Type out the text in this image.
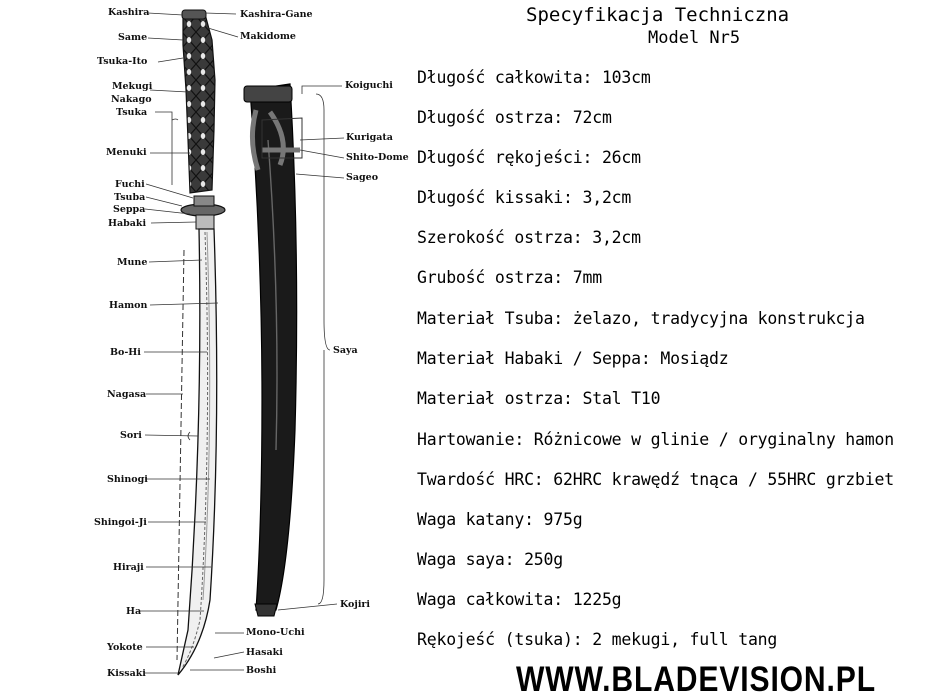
Kashira
Same
Tsuka-Ito
Mekugi
Nakago
Tsuka
Menuki
Fuchi
Tsuba
Seppa
Habaki
Mune
Hamon
Bo-Hi
Nagasa
Sori
Shinogi
Shingoi-Ji
Hiraji
Ha
Yokote
Kissaki
Kashira-Gane
Makidome
Mono-Uchi
Hasaki
Boshi
Koiguchi
Kurigata
Shito-Dome
Sageo
Saya
Kojiri
Specyfikacja Techniczna
Model Nr5
Długość całkowita: 103cm
Długość ostrza: 72cm
Długość rękojeści: 26cm
Długość kissaki: 3,2cm
Szerokość ostrza: 3,2cm
Grubość ostrza: 7mm
Materiał Tsuba: żelazo, tradycyjna konstrukcja
Materiał Habaki / Seppa: Mosiądz
Materiał ostrza: Stal T10
Hartowanie: Różnicowe w glinie / oryginalny hamon
Twardość HRC: 62HRC krawędź tnąca / 55HRC grzbiet
Waga katany: 975g
Waga saya: 250g
Waga całkowita: 1225g
Rękojeść (tsuka): 2 mekugi, full tang
WWW.BLADEVISION.PL
